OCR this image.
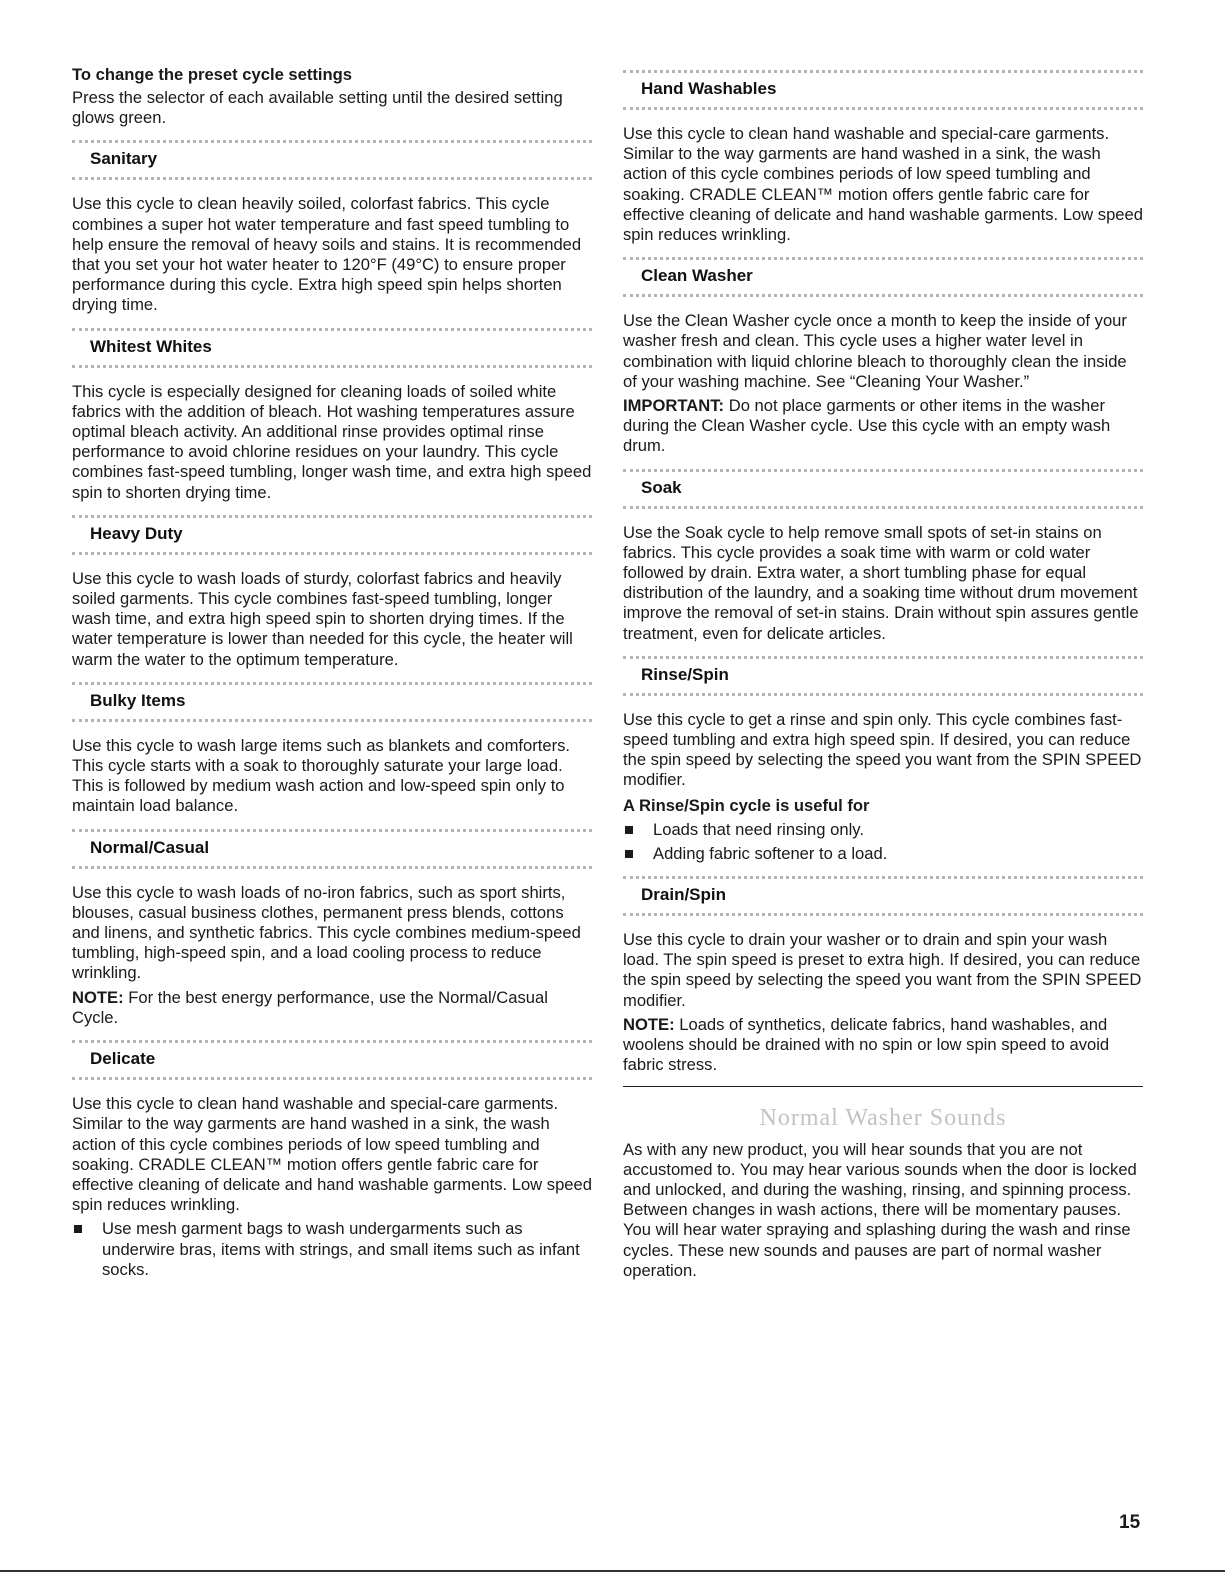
To change the preset cycle settings

Press the selector of each available setting until the desired setting glows green.

Sanitary

Use this cycle to clean heavily soiled, colorfast fabrics. This cycle combines a super hot water temperature and fast speed tumbling to help ensure the removal of heavy soils and stains. It is recommended that you set your hot water heater to 120°F (49°C) to ensure proper performance during this cycle. Extra high speed spin helps shorten drying time.

Whitest Whites

This cycle is especially designed for cleaning loads of soiled white fabrics with the addition of bleach. Hot washing temperatures assure optimal bleach activity. An additional rinse provides optimal rinse performance to avoid chlorine residues on your laundry. This cycle combines fast-speed tumbling, longer wash time, and extra high speed spin to shorten drying time.

Heavy Duty

Use this cycle to wash loads of sturdy, colorfast fabrics and heavily soiled garments. This cycle combines fast-speed tumbling, longer wash time, and extra high speed spin to shorten drying times. If the water temperature is lower than needed for this cycle, the heater will warm the water to the optimum temperature.

Bulky Items

Use this cycle to wash large items such as blankets and comforters. This cycle starts with a soak to thoroughly saturate your large load. This is followed by medium wash action and low-speed spin only to maintain load balance.

Normal/Casual

Use this cycle to wash loads of no-iron fabrics, such as sport shirts, blouses, casual business clothes, permanent press blends, cottons and linens, and synthetic fabrics. This cycle combines medium-speed tumbling, high-speed spin, and a load cooling process to reduce wrinkling.

NOTE: For the best energy performance, use the Normal/Casual Cycle.

Delicate

Use this cycle to clean hand washable and special-care garments. Similar to the way garments are hand washed in a sink, the wash action of this cycle combines periods of low speed tumbling and soaking. CRADLE CLEAN™ motion offers gentle fabric care for effective cleaning of delicate and hand washable garments. Low speed spin reduces wrinkling.

Use mesh garment bags to wash undergarments such as underwire bras, items with strings, and small items such as infant socks.
Hand Washables

Use this cycle to clean hand washable and special-care garments. Similar to the way garments are hand washed in a sink, the wash action of this cycle combines periods of low speed tumbling and soaking. CRADLE CLEAN™ motion offers gentle fabric care for effective cleaning of delicate and hand washable garments. Low speed spin reduces wrinkling.

Clean Washer

Use the Clean Washer cycle once a month to keep the inside of your washer fresh and clean. This cycle uses a higher water level in combination with liquid chlorine bleach to thoroughly clean the inside of your washing machine. See “Cleaning Your Washer.”

IMPORTANT: Do not place garments or other items in the washer during the Clean Washer cycle. Use this cycle with an empty wash drum.

Soak

Use the Soak cycle to help remove small spots of set-in stains on fabrics. This cycle provides a soak time with warm or cold water followed by drain. Extra water, a short tumbling phase for equal distribution of the laundry, and a soaking time without drum movement improve the removal of set-in stains. Drain without spin assures gentle treatment, even for delicate articles.

Rinse/Spin

Use this cycle to get a rinse and spin only. This cycle combines fast-speed tumbling and extra high speed spin. If desired, you can reduce the spin speed by selecting the speed you want from the SPIN SPEED modifier.

A Rinse/Spin cycle is useful for
Loads that need rinsing only.
Adding fabric softener to a load.
Drain/Spin

Use this cycle to drain your washer or to drain and spin your wash load. The spin speed is preset to extra high. If desired, you can reduce the spin speed by selecting the speed you want from the SPIN SPEED modifier.

NOTE: Loads of synthetics, delicate fabrics, hand washables, and woolens should be drained with no spin or low spin speed to avoid fabric stress.

Normal Washer Sounds

As with any new product, you will hear sounds that you are not accustomed to. You may hear various sounds when the door is locked and unlocked, and during the washing, rinsing, and spinning process. Between changes in wash actions, there will be momentary pauses. You will hear water spraying and splashing during the wash and rinse cycles. These new sounds and pauses are part of normal washer operation.

15
